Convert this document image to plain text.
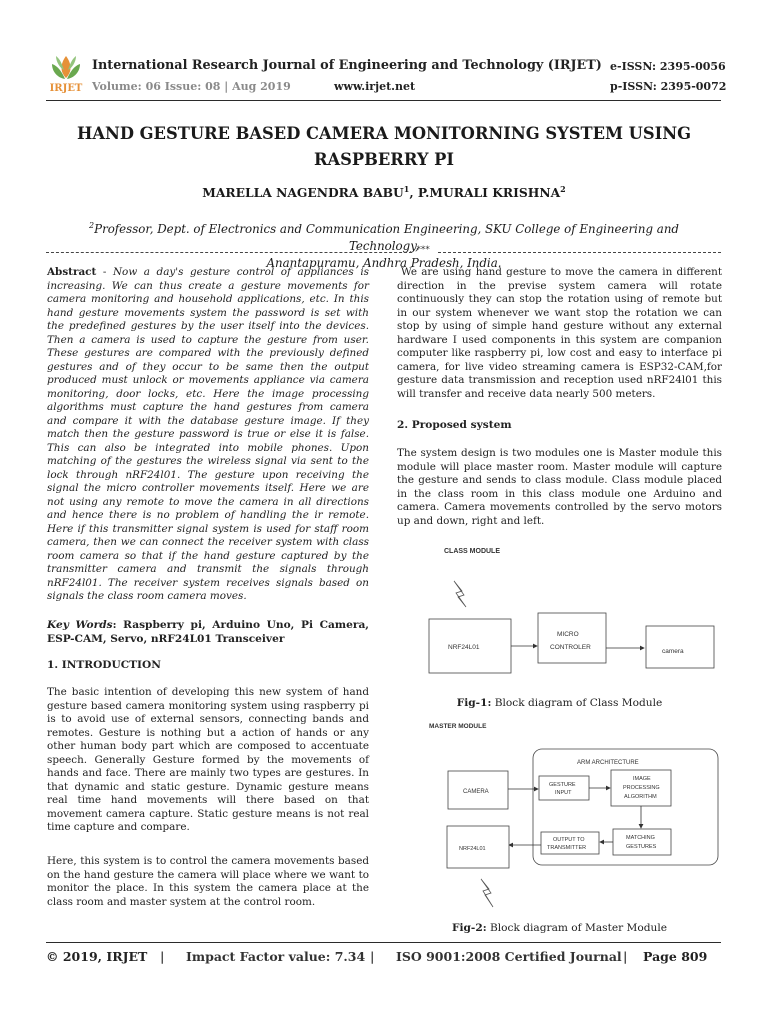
IRJET
International Research Journal of Engineering and Technology (IRJET)
Volume: 06 Issue: 08 | Aug 2019	www.irjet.net
e-ISSN: 2395-0056
p-ISSN: 2395-0072
HAND GESTURE BASED CAMERA MONITORNING SYSTEM USING
RASPBERRY PI
MARELLA NAGENDRA BABU$^1$, P.MURALI KRISHNA$^2$
$^2$Professor, Dept. of Electronics and Communication Engineering, SKU College of Engineering and Technology,
Anantapuramu, Andhra Pradesh, India.
***
Abstract - Now a day's gesture control of appliances is increasing. We can thus create a gesture movements for camera monitoring and household applications, etc. In this hand gesture movements system the password is set with the predefined gestures by the user itself into the devices. Then a camera is used to capture the gesture from user. These gestures are compared with the previously defined gestures and of they occur to be same then the output produced must unlock or movements appliance via camera monitoring, door locks, etc. Here the image processing algorithms must capture the hand gestures from camera and compare it with the database gesture image. If they match then the gesture password is true or else it is false. This can also be integrated into mobile phones. Upon matching of the gestures the wireless signal via sent to the lock through nRF24l01. The gesture upon receiving the signal the micro controller movements itself. Here we are not using any remote to move the camera in all directions and hence there is no problem of handling the ir remote. Here if this transmitter signal system is used for staff room camera, then we can connect the receiver system with class room camera so that if the hand gesture captured by the transmitter camera and transmit the signals through nRF24l01. The receiver system receives signals based on signals the class room camera moves.
Key Words: Raspberry pi, Arduino Uno, Pi Camera, ESP-CAM, Servo, nRF24L01 Transceiver
1. INTRODUCTION
The basic intention of developing this new system of hand gesture based camera monitoring system using raspberry pi is to avoid use of external sensors, connecting bands and remotes. Gesture is nothing but a action of hands or any other human body part which are composed to accentuate speech. Generally Gesture formed by the movements of hands and face. There are mainly two types are gestures. In that dynamic and static gesture. Dynamic gesture means real time hand movements will there based on that movement camera capture. Static gesture means is not real time capture and compare.
Here, this system is to control the camera movements based on the hand gesture the camera will place where we want to monitor the place. In this system the camera place at the class room and master system at the control room.
We are using hand gesture to move the camera in different direction in the previse system camera will rotate continuously they can stop the rotation using of remote but in our system whenever we want stop the rotation we can stop by using of simple hand gesture without any external hardware I used components in this system are companion computer like raspberry pi, low cost and easy to interface pi camera, for live video streaming camera is ESP32-CAM,for gesture data transmission and reception used nRF24l01 this will transfer and receive data nearly 500 meters.
2. Proposed system
The system design is two modules one is Master module this module will place master room. Master module will capture the gesture and sends to class module. Class module placed in the class room in this class module one Arduino and camera. Camera movements controlled by the servo motors up and down, right and left.
CLASS MODULE
NRF24L01
MICRO
CONTROLER
camera
Fig-1: Block diagram of Class Module
MASTER MODULE
ARM ARCHITECTURE
CAMERA
GESTURE
INPUT
IMAGE
PROCESSING
ALGORITHM
MATCHING
GESTURES
OUTPUT TO
TRANSMITTER
NRF24L01
Fig-2: Block diagram of Master Module
© 2019, IRJET | Impact Factor value: 7.34 | ISO 9001:2008 Certified Journal | Page 809
